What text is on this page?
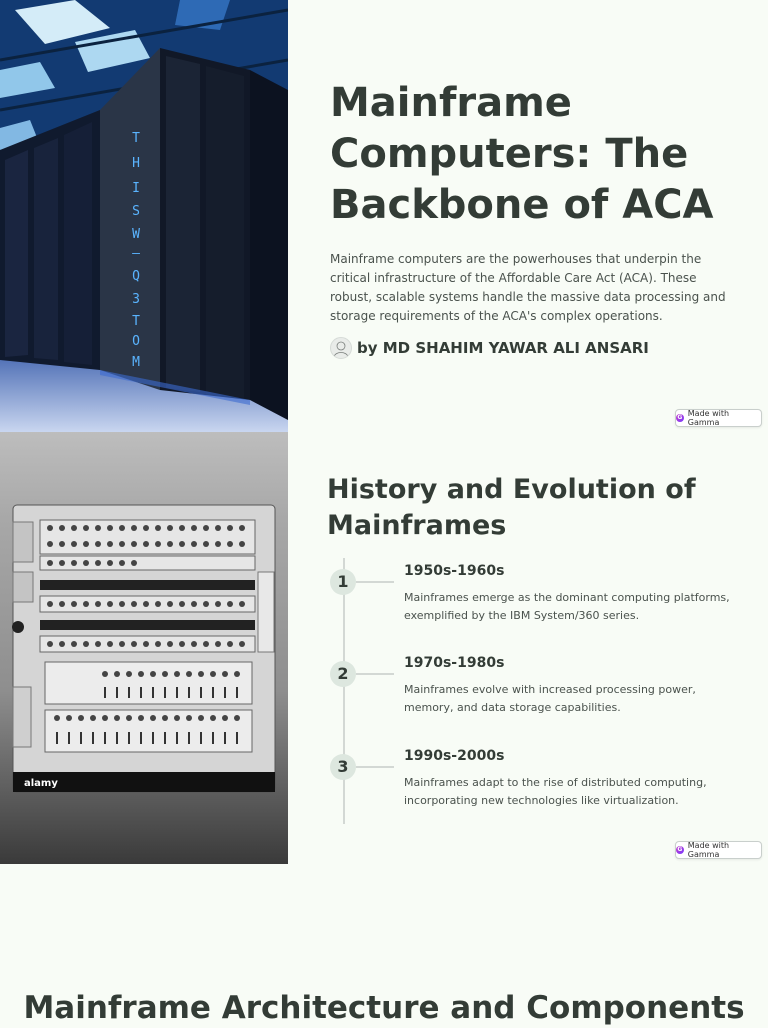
T
H
I
S
W
–
Q
3
T
O
M
Mainframe Computers: The Backbone of ACA

Mainframe computers are the powerhouses that underpin the critical infrastructure of the Affordable Care Act (ACA). These robust, scalable systems handle the massive data processing and storage requirements of the ACA's complex operations.

by MD SHAHIM YAWAR ALI ANSARI
G Made with Gamma
alamy
History and Evolution of Mainframes
1
1950s-1960s

Mainframes emerge as the dominant computing platforms, exemplified by the IBM System/360 series.

2
1970s-1980s

Mainframes evolve with increased processing power, memory, and data storage capabilities.

3
1990s-2000s

Mainframes adapt to the rise of distributed computing, incorporating new technologies like virtualization.

G Made with Gamma
Mainframe Architecture and Components
